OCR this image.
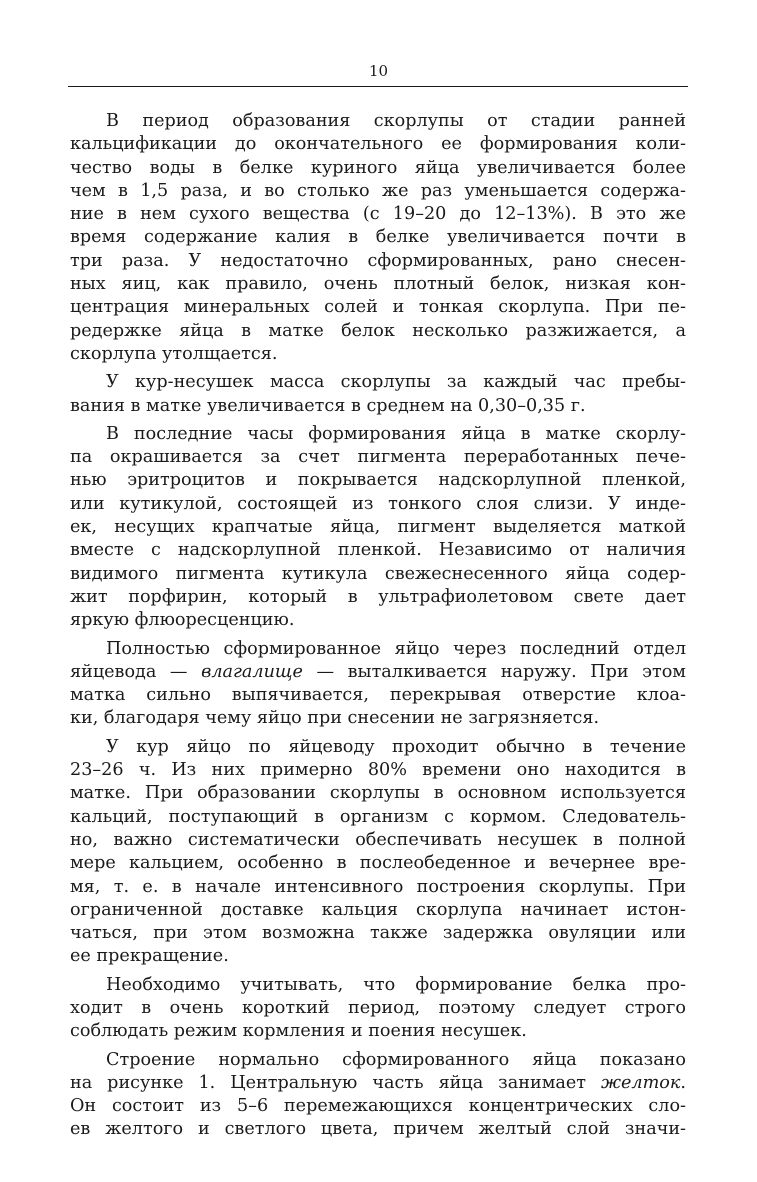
10
В период образования скорлупы от стадии ранней
кальцификации до окончательного ее формирования коли-
чество воды в белке куриного яйца увеличивается более
чем в 1,5 раза, и во столько же раз уменьшается содержа-
ние в нем сухого вещества (с 19–20 до 12–13%). В это же
время содержание калия в белке увеличивается почти в
три раза. У недостаточно сформированных, рано снесен-
ных яиц, как правило, очень плотный белок, низкая кон-
центрация минеральных солей и тонкая скорлупа. При пе-
редержке яйца в матке белок несколько разжижается, а
скорлупа утолщается.
У кур-несушек масса скорлупы за каждый час пребы-
вания в матке увеличивается в среднем на 0,30–0,35 г.
В последние часы формирования яйца в матке скорлу-
па окрашивается за счет пигмента переработанных пече-
нью эритроцитов и покрывается надскорлупной пленкой,
или кутикулой, состоящей из тонкого слоя слизи. У индe-
ек, несущих крапчатые яйца, пигмент выделяется маткой
вместе с надскорлупной пленкой. Независимо от наличия
видимого пигмента кутикула свежеснесенного яйца содер-
жит порфирин, который в ультрафиолетовом свете дает
яркую флюоресценцию.
Полностью сформированное яйцо через последний отдел
яйцевода — влагалище — выталкивается наружу. При этом
матка сильно выпячивается, перекрывая отверстие клоа-
ки, благодаря чему яйцо при снесении не загрязняется.
У кур яйцо по яйцеводу проходит обычно в течение
23–26 ч. Из них примерно 80% времени оно находится в
матке. При образовании скорлупы в основном используется
кальций, поступающий в организм с кормом. Следователь-
но, важно систематически обеспечивать несушек в полной
мере кальцием, особенно в послеобеденное и вечернее вре-
мя, т. е. в начале интенсивного построения скорлупы. При
ограниченной доставке кальция скорлупа начинает истон-
чаться, при этом возможна также задержка овуляции или
ее прекращение.
Необходимо учитывать, что формирование белка про-
ходит в очень короткий период, поэтому следует строго
соблюдать режим кормления и поения несушек.
Строение нормально сформированного яйца показано
на рисунке 1. Центральную часть яйца занимает желток.
Он состоит из 5–6 перемежающихся концентрических сло-
ев желтого и светлого цвета, причем желтый слой значи-
